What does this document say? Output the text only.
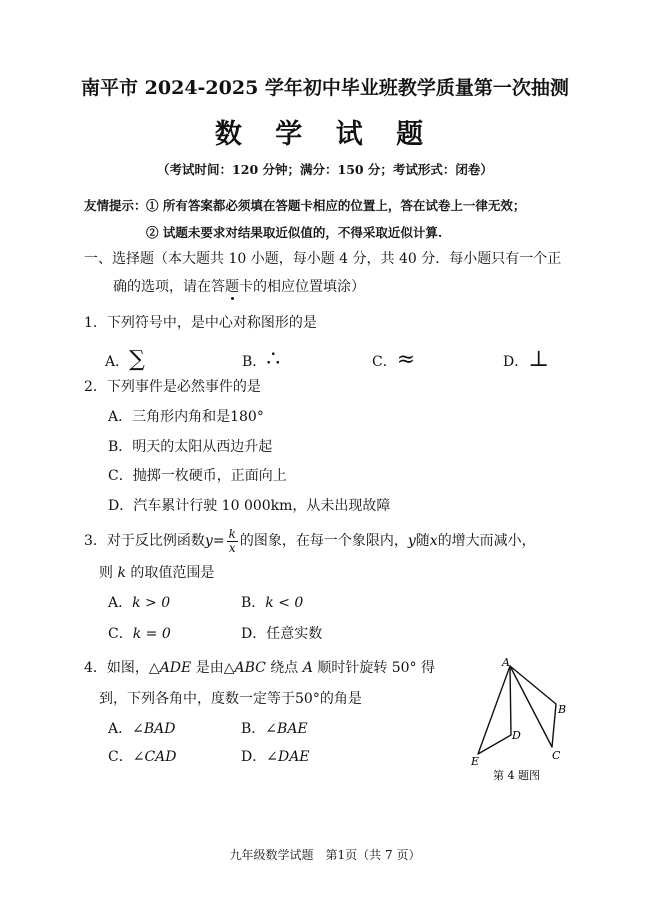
南平市 2024-2025 学年初中毕业班教学质量第一次抽测
数 学 试 题
（考试时间：120 分钟；满分：150 分；考试形式：闭卷）
友情提示： ① 所有答案都必须填在答题卡相应的位置上，答在试卷上一律无效；
② 试题未要求对结果取近似值的，不得采取近似计算.
一、选择题（本大题共 10 小题，每小题 4 分，共 40 分．每小题只有一个正
确的选项，请在答题卡的相应位置填涂）
1．下列符号中，是中心对称图形的是
A．∑	B．∴	C．≈	D．⊥
2．下列事件是必然事件的是
A．三角形内角和是180°
B．明天的太阳从西边升起
C．抛掷一枚硬币，正面向上
D．汽车累计行驶 10 000km，从未出现故障
3．对于反比例函数 $y = \frac{k}{x}$ 的图象，在每一个象限内， y 随 x 的增大而减小，
则 k 的取值范围是
A．k > 0	B．k < 0
C．k = 0	D．任意实数
4．如图，△ADE 是由△ABC 绕点 A 顺时针旋转 50° 得
到，下列各角中，度数一定等于50°的角是
A．∠BAD	B．∠BAE
C．∠CAD	D．∠DAE
A
B
C
D
E
第 4 题图
九年级数学试题　第1页（共 7 页）
